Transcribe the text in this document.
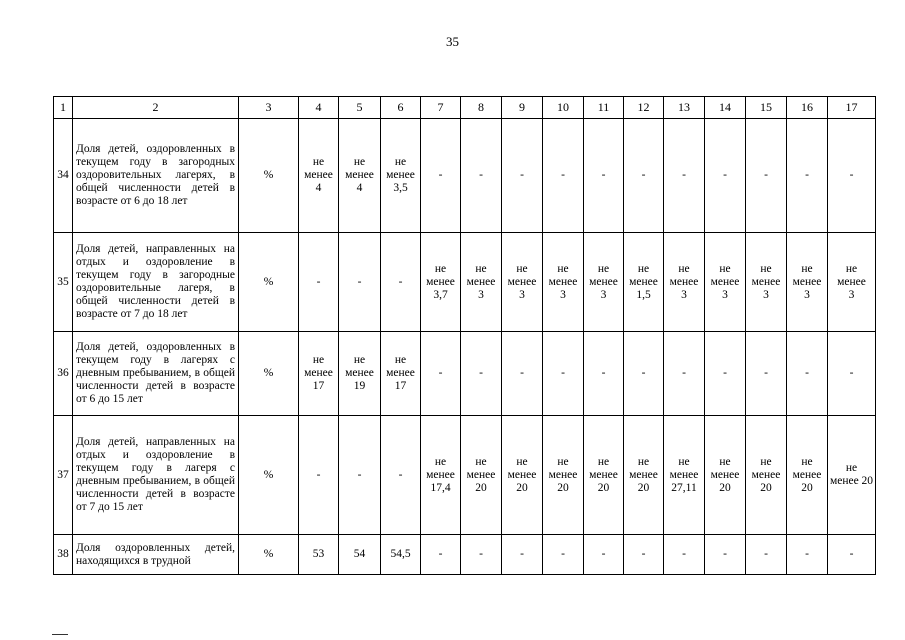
35
1	2	3	4	5	6	7	8	9	10	11	12	13	14	15	16	17

34	Доля детей, оздоровленных в текущем году в загородных оздоровительных лагерях, в общей численности детей в возрасте от 6 до 18 лет	%	не
менее
4	не
менее
4	не
менее
3,5	-	-	-	-	-	-	-	-	-	-	-

35	Доля детей, направленных на отдых и оздоровление в текущем году в загородные оздоровительные лагеря, в общей численности детей в возрасте от 7 до 18 лет	%	-	-	-	не
менее
3,7	не
менее
3	не
менее
3	не
менее
3	не
менее
3	не
менее
1,5	не
менее
3	не
менее
3	не
менее
3	не
менее
3	не
менее
3

36	Доля детей, оздоровленных в текущем году в лагерях с дневным пребыванием, в общей численности детей в возрасте от 6 до 15 лет	%	не
менее
17	не
менее
19	не
менее
17	-	-	-	-	-	-	-	-	-	-	-

37	Доля детей, направленных на отдых и оздоровление в текущем году в лагеря с дневным пребыванием, в общей численности детей в возрасте от 7 до 15 лет	%	-	-	-	не
менее
17,4	не
менее
20	не
менее
20	не
менее
20	не
менее
20	не
менее
20	не
менее
27,11	не
менее
20	не
менее
20	не
менее
20	не
менее 20

38	Доля оздоровленных детей, находящихся в трудной	%	53	54	54,5	-	-	-	-	-	-	-	-	-	-	-
